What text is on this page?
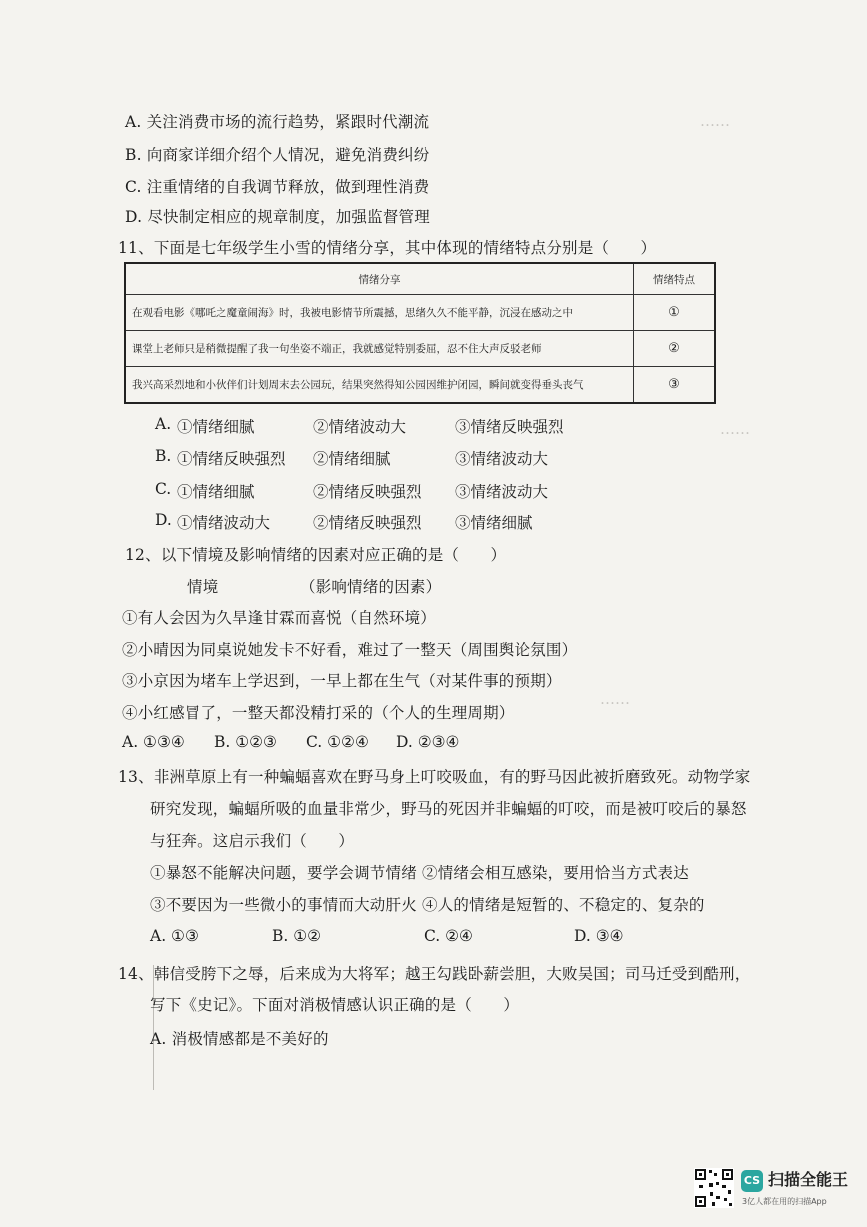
……
……
……
A. 关注消费市场的流行趋势，紧跟时代潮流
B. 向商家详细介绍个人情况，避免消费纠纷
C. 注重情绪的自我调节释放，做到理性消费
D. 尽快制定相应的规章制度，加强监督管理
11、下面是七年级学生小雪的情绪分享，其中体现的情绪特点分别是（　　）
情绪分享	情绪特点
在观看电影《哪吒之魔童闹海》时，我被电影情节所震撼，思绪久久不能平静，沉浸在感动之中	①
课堂上老师只是稍微提醒了我一句坐姿不端正，我就感觉特别委屈，忍不住大声反驳老师	②
我兴高采烈地和小伙伴们计划周末去公园玩，结果突然得知公园因维护闭园，瞬间就变得垂头丧气	③
A. ①情绪细腻	②情绪波动大	③情绪反映强烈
B. ①情绪反映强烈 ②情绪细腻	③情绪波动大
C. ①情绪细腻	②情绪反映强烈 ③情绪波动大
D. ①情绪波动大	②情绪反映强烈 ③情绪细腻
12、以下情境及影响情绪的因素对应正确的是（　　）
情境	（影响情绪的因素）
①有人会因为久旱逢甘霖而喜悦（自然环境）
②小晴因为同桌说她发卡不好看，难过了一整天（周围舆论氛围）
③小京因为堵车上学迟到，一早上都在生气（对某件事的预期）
④小红感冒了，一整天都没精打采的（个人的生理周期）
A. ①③④ B. ①②③ C. ①②④ D. ②③④
13、非洲草原上有一种蝙蝠喜欢在野马身上叮咬吸血，有的野马因此被折磨致死。动物学家
研究发现，蝙蝠所吸的血量非常少，野马的死因并非蝙蝠的叮咬，而是被叮咬后的暴怒
与狂奔。这启示我们（　　）
①暴怒不能解决问题，要学会调节情绪 ②情绪会相互感染，要用恰当方式表达
③不要因为一些微小的事情而大动肝火 ④人的情绪是短暂的、不稳定的、复杂的
A. ①③	B. ①②	C. ②④	D. ③④
14、韩信受胯下之辱，后来成为大将军；越王勾践卧薪尝胆，大败吴国；司马迁受到酷刑，
写下《史记》。下面对消极情感认识正确的是（　　）
A. 消极情感都是不美好的
CS 扫描全能王
3亿人都在用的扫描App
